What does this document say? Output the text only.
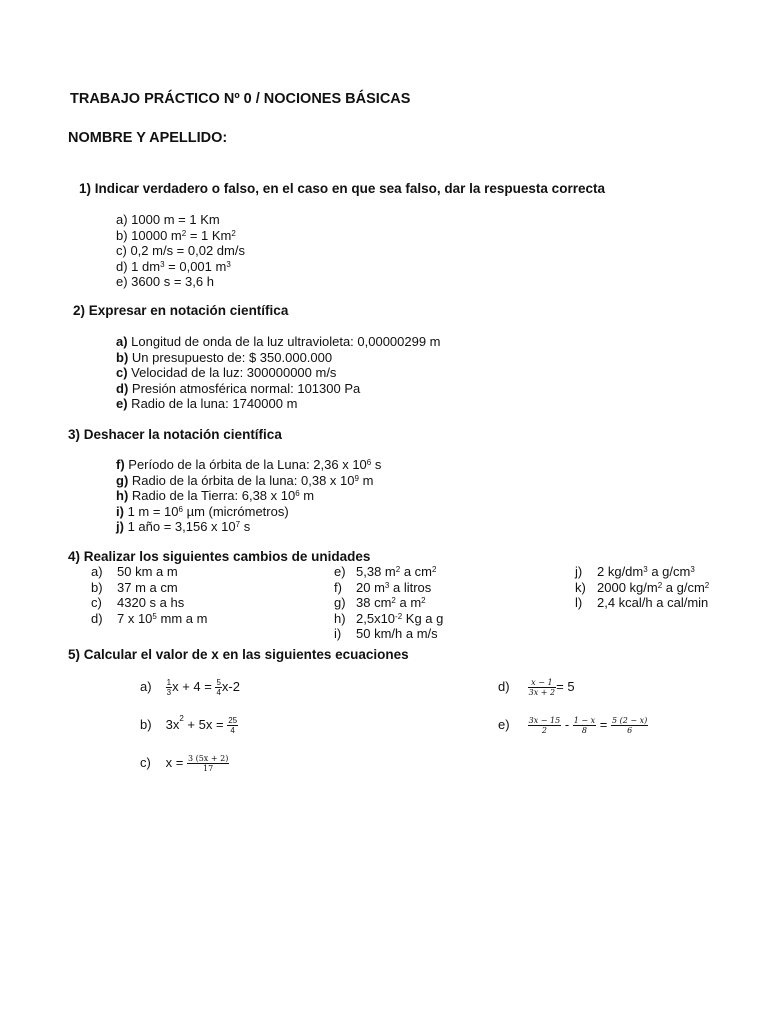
TRABAJO PRÁCTICO Nº 0 / NOCIONES BÁSICAS
NOMBRE Y APELLIDO:
1) Indicar verdadero o falso, en el caso en que sea falso, dar la respuesta correcta
a) 1000 m = 1 Km
b) 10000 $m^2 = 1$ Km$^2$
c) 0,2 m/s = 0,02 dm/s
d) 1 $dm^3 = 0,001$ $m^3$
e) 3600 s = 3,6 h
2) Expresar en notación científica
a) Longitud de onda de la luz ultravioleta: 0,00000299 m
b) Un presupuesto de: $ 350.000.000
c) Velocidad de la luz: 300000000 m/s
d) Presión atmosférica normal: 101300 Pa
e) Radio de la luna: 1740000 m
3) Deshacer la notación científica
f) Período de la órbita de la Luna: 2,36 x $10^6$ s
g) Radio de la órbita de la luna: 0,38 x $10^9$ m
h) Radio de la Tierra: 6,38 x $10^6$ m
i) 1 $m = 10^6$ µm (micrómetros)
j) 1 año = 3,156 x $10^7$ s
4) Realizar los siguientes cambios de unidades
a) 50 km a m
b) 37 m a cm
c) 4320 s a hs
d) 7 x $10^5$ mm a m
e) 5,38 $m^2$ a $cm^2$
f) 20 $m^3$ a litros
g) 38 $cm^2$ a $m^2$
h) $2,5x10^{-2}$ Kg a g
i) 50 km/h a m/s
j) 2 $kg/dm^3$ a $g/cm^3$
k) 2000 $kg/m^2$ a $g/cm^2$
l) 2,4 kcal/h a cal/min
5) Calcular el valor de x en las siguientes ecuaciones
$a) \frac{1}{3}$ $x + 4 = \frac{5}{4} x-2$
b) $3x^2 + 5x = \frac{25}{4}$
c) $x = \frac{3 (5x + 2)}{17}$
$d) \frac{x - 1}{3x + 2} = 5$
$e) \frac{3x - 15}{2} - \frac{1 - x}{8} = \frac{5 (2 - x)}{6}$
